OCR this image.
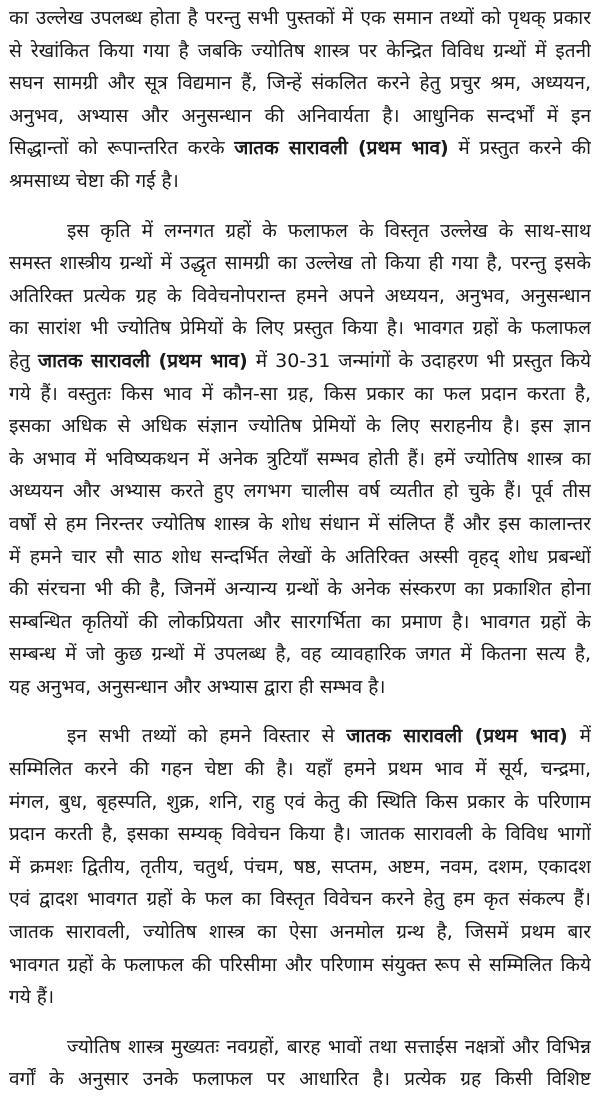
का उल्लेख उपलब्ध होता है परन्तु सभी पुस्तकों में एक समान तथ्यों को पृथक् प्रकार
से रेखांकित किया गया है जबकि ज्योतिष शास्त्र पर केन्द्रित विविध ग्रन्थों में इतनी
सघन सामग्री और सूत्र विद्यमान हैं, जिन्हें संकलित करने हेतु प्रचुर श्रम, अध्ययन,
अनुभव, अभ्यास और अनुसन्धान की अनिवार्यता है। आधुनिक सन्दर्भों में इन
सिद्धान्तों को रूपान्तरित करके जातक सारावली (प्रथम भाव) में प्रस्तुत करने की
श्रमसाध्य चेष्टा की गई है।
इस कृति में लग्नगत ग्रहों के फलाफल के विस्तृत उल्लेख के साथ-साथ
समस्त शास्त्रीय ग्रन्थों में उद्धृत सामग्री का उल्लेख तो किया ही गया है, परन्तु इसके
अतिरिक्त प्रत्येक ग्रह के विवेचनोपरान्त हमने अपने अध्ययन, अनुभव, अनुसन्धान
का सारांश भी ज्योतिष प्रेमियों के लिए प्रस्तुत किया है। भावगत ग्रहों के फलाफल
हेतु जातक सारावली (प्रथम भाव) में 30-31 जन्मांगों के उदाहरण भी प्रस्तुत किये
गये हैं। वस्तुतः किस भाव में कौन-सा ग्रह, किस प्रकार का फल प्रदान करता है,
इसका अधिक से अधिक संज्ञान ज्योतिष प्रेमियों के लिए सराहनीय है। इस ज्ञान
के अभाव में भविष्यकथन में अनेक त्रुटियाँ सम्भव होती हैं। हमें ज्योतिष शास्त्र का
अध्ययन और अभ्यास करते हुए लगभग चालीस वर्ष व्यतीत हो चुके हैं। पूर्व तीस
वर्षों से हम निरन्तर ज्योतिष शास्त्र के शोध संधान में संलिप्त हैं और इस कालान्तर
में हमने चार सौ साठ शोध सन्दर्भित लेखों के अतिरिक्त अस्सी वृहद् शोध प्रबन्धों
की संरचना भी की है, जिनमें अन्यान्य ग्रन्थों के अनेक संस्करण का प्रकाशित होना
सम्बन्धित कृतियों की लोकप्रियता और सारगर्भिता का प्रमाण है। भावगत ग्रहों के
सम्बन्ध में जो कुछ ग्रन्थों में उपलब्ध है, वह व्यावहारिक जगत में कितना सत्य है,
यह अनुभव, अनुसन्धान और अभ्यास द्वारा ही सम्भव है।
इन सभी तथ्यों को हमने विस्तार से जातक सारावली (प्रथम भाव) में
सम्मिलित करने की गहन चेष्टा की है। यहाँ हमने प्रथम भाव में सूर्य, चन्द्रमा,
मंगल, बुध, बृहस्पति, शुक्र, शनि, राहु एवं केतु की स्थिति किस प्रकार के परिणाम
प्रदान करती है, इसका सम्यक् विवेचन किया है। जातक सारावली के विविध भागों
में क्रमशः द्वितीय, तृतीय, चतुर्थ, पंचम, षष्ठ, सप्तम, अष्टम, नवम, दशम, एकादश
एवं द्वादश भावगत ग्रहों के फल का विस्तृत विवेचन करने हेतु हम कृत संकल्प हैं।
जातक सारावली, ज्योतिष शास्त्र का ऐसा अनमोल ग्रन्थ है, जिसमें प्रथम बार
भावगत ग्रहों के फलाफल की परिसीमा और परिणाम संयुक्त रूप से सम्मिलित किये
गये हैं।
ज्योतिष शास्त्र मुख्यतः नवग्रहों, बारह भावों तथा सत्ताईस नक्षत्रों और विभिन्न
वर्गों के अनुसार उनके फलाफल पर आधारित है। प्रत्येक ग्रह किसी विशिष्ट
